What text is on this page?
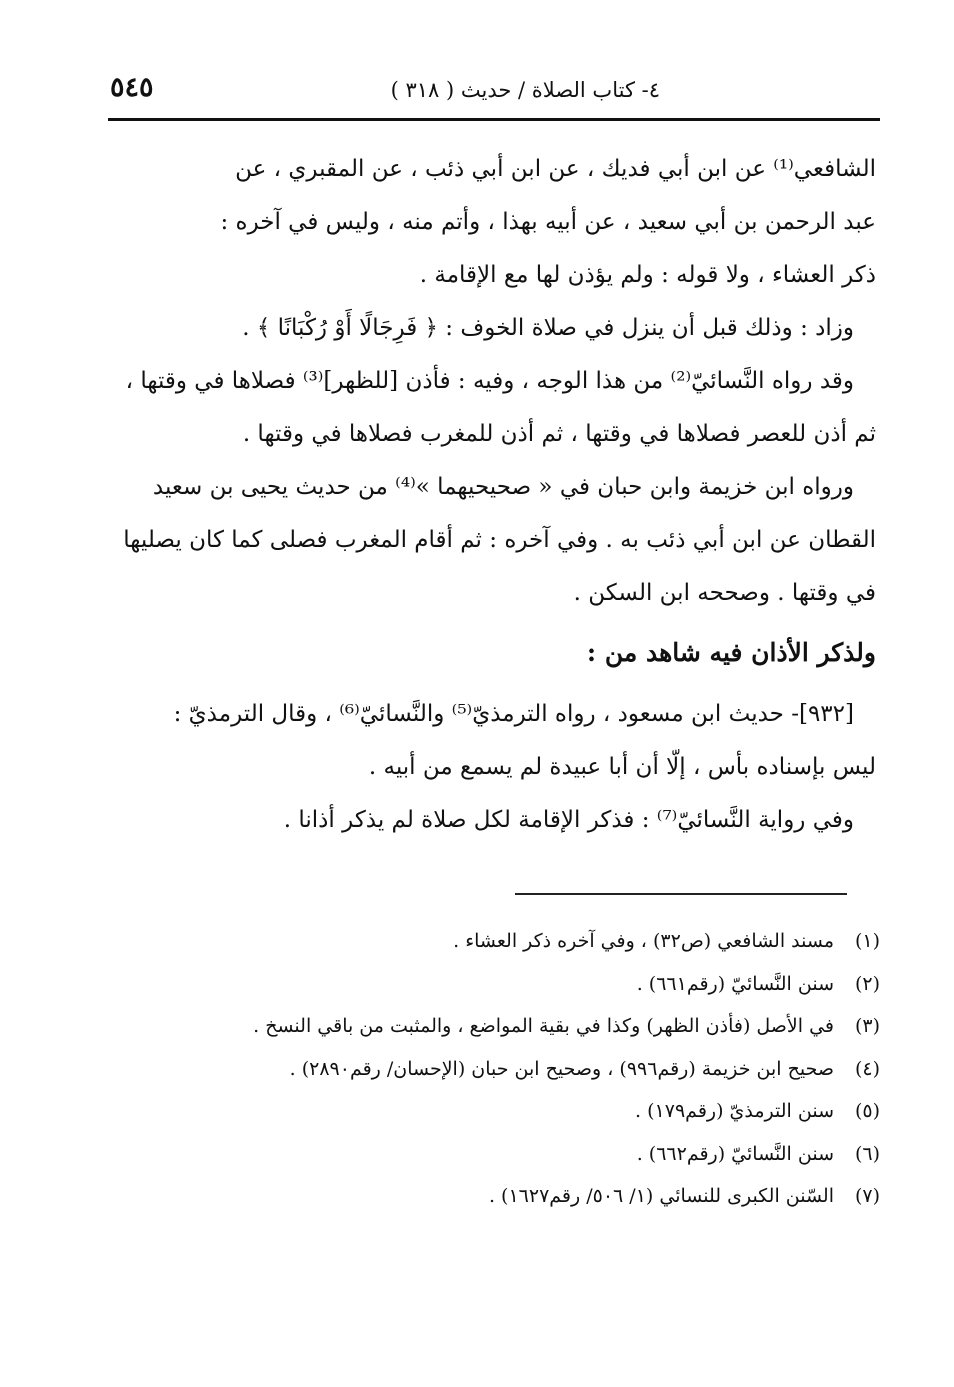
٤- كتاب الصلاة / حديث ( ٣١٨ )
٥٤٥
الشافعي⁽¹⁾ عن ابن أبي فديك ، عن ابن أبي ذئب ، عن المقبري ، عن
عبد الرحمن بن أبي سعيد ، عن أبيه بهذا ، وأتم منه ، وليس في آخره :
ذكر العشاء ، ولا قوله : ولم يؤذن لها مع الإقامة .
وزاد : وذلك قبل أن ينزل في صلاة الخوف : ﴿ فَرِجَالًا أَوْ رُكْبَانًا ﴾ .
وقد رواه النَّسائيّ⁽²⁾ من هذا الوجه ، وفيه : فأذن [للظهر]⁽³⁾ فصلاها في وقتها ،
ثم أذن للعصر فصلاها في وقتها ، ثم أذن للمغرب فصلاها في وقتها .
ورواه ابن خزيمة وابن حبان في « صحيحيهما »⁽⁴⁾ من حديث يحيى بن سعيد
القطان عن ابن أبي ذئب به . وفي آخره : ثم أقام المغرب فصلى كما كان يصليها
في وقتها . وصححه ابن السكن .
ولذكر الأذان فيه شاهد من :
[٩٣٢]- حديث ابن مسعود ، رواه الترمذيّ⁽⁵⁾ والنَّسائيّ⁽⁶⁾ ، وقال الترمذيّ :
ليس بإسناده بأس ، إلّا أن أبا عبيدة لم يسمع من أبيه .
وفي رواية النَّسائيّ⁽⁷⁾ : فذكر الإقامة لكل صلاة لم يذكر أذانا .
(١)مسند الشافعي (ص٣٢) ، وفي آخره ذكر العشاء .
(٢)سنن النَّسائيّ (رقم٦٦١) .
(٣)في الأصل (فأذن الظهر) وكذا في بقية المواضع ، والمثبت من باقي النسخ .
(٤)صحيح ابن خزيمة (رقم٩٩٦) ، وصحيح ابن حبان (الإحسان/ رقم٢٨٩٠) .
(٥)سنن الترمذيّ (رقم١٧٩) .
(٦)سنن النَّسائيّ (رقم٦٦٢) .
(٧)السّنن الكبرى للنسائي (١/ ٥٠٦/ رقم١٦٢٧) .
